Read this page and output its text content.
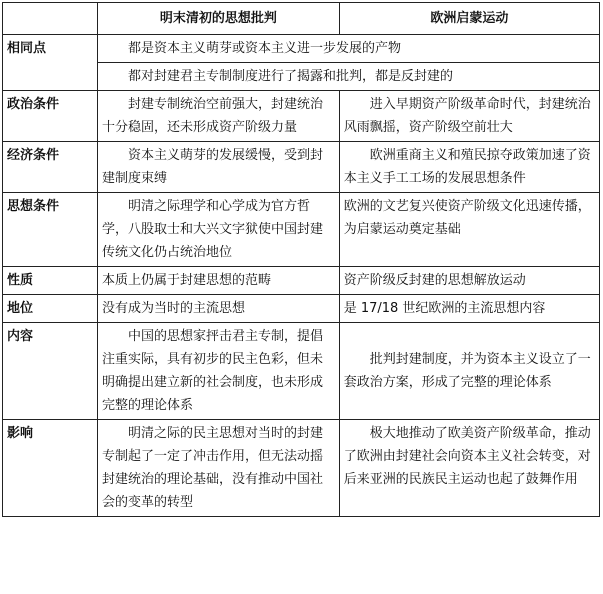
	明末清初的思想批判	欧洲启蒙运动
相同点	都是资本主义萌芽或资本主义进一步发展的产物	
	都对封建君主专制制度进行了揭露和批判，都是反封建的	
政治条件	封建专制统治空前强大，封建统治十分稳固，还未形成资产阶级力量	进入早期资产阶级革命时代，封建统治风雨飘摇，资产阶级空前壮大
经济条件	资本主义萌芽的发展缓慢，受到封建制度束缚	欧洲重商主义和殖民掠夺政策加速了资本主义手工工场的发展思想条件
思想条件	明清之际理学和心学成为官方哲学，八股取士和大兴文字狱使中国封建传统文化仍占统治地位	欧洲的文艺复兴使资产阶级文化迅速传播，为启蒙运动奠定基础
性质	本质上仍属于封建思想的范畴	资产阶级反封建的思想解放运动
地位	没有成为当时的主流思想	是 17/18 世纪欧洲的主流思想内容
内容	中国的思想家抨击君主专制，提倡注重实际，具有初步的民主色彩，但未明确提出建立新的社会制度，也未形成完整的理论体系	批判封建制度，并为资本主义设立了一套政治方案，形成了完整的理论体系
影响	明清之际的民主思想对当时的封建专制起了一定了冲击作用，但无法动摇封建统治的理论基础，没有推动中国社会的变革的转型	极大地推动了欧美资产阶级革命，推动了欧洲由封建社会向资本主义社会转变，对后来亚洲的民族民主运动也起了鼓舞作用
